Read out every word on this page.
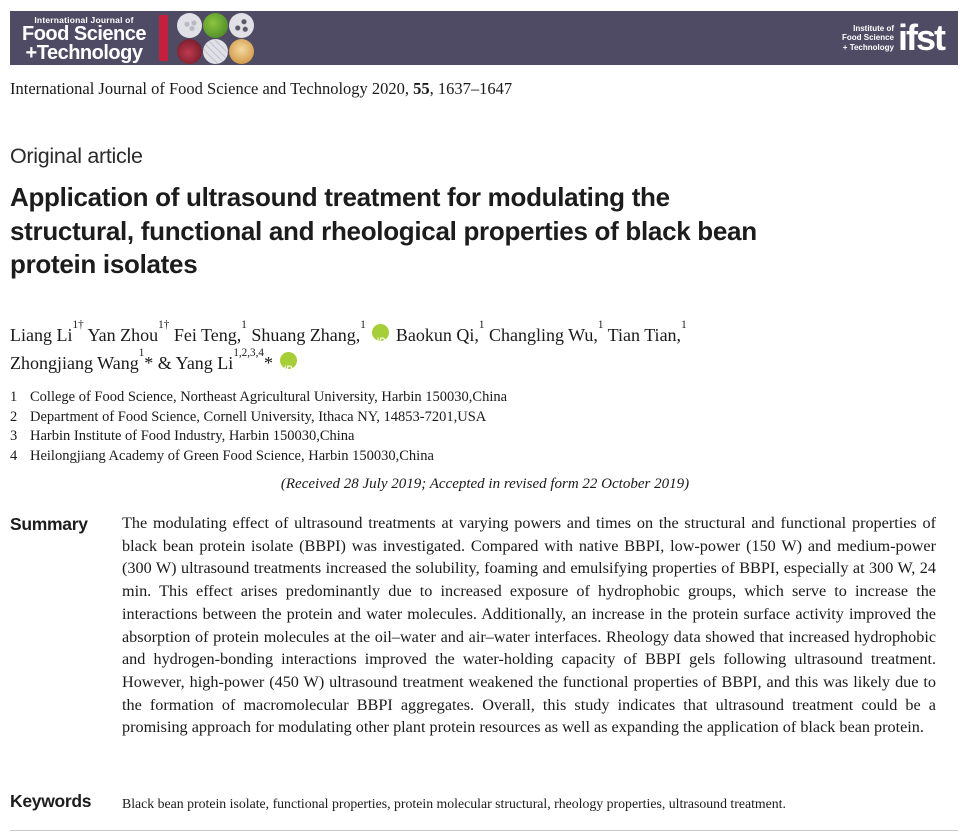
International Journal of
Food Science
+Technology
Institute of
Food Science
+ Technology ifst
International Journal of Food Science and Technology 2020, 55, 1637–1647
Original article
Application of ultrasound treatment for modulating the
structural, functional and rheological properties of black bean
protein isolates
Liang $Li^{1\dagger}$ Yan Zhou$^{1\dagger}$ Fei Teng,$^1$ Shuang Zhang,$^1$ iD Baokun Qi,$^1$ Changling Wu,$^1$ Tian Tian,$^1$
Zhongjiang Wang$^1$* & Yang Li$^{1,2,3,4}$* iD
1 College of Food Science, Northeast Agricultural University, Harbin 150030,China
2 Department of Food Science, Cornell University, Ithaca NY, 14853-7201,USA
3 Harbin Institute of Food Industry, Harbin 150030,China
4 Heilongjiang Academy of Green Food Science, Harbin 150030,China
(Received 28 July 2019; Accepted in revised form 22 October 2019)
Summary The modulating effect of ultrasound treatments at varying powers and times on the structural and functional properties of black bean protein isolate (BBPI) was investigated. Compared with native BBPI, low-power (150 W) and medium-power (300 W) ultrasound treatments increased the solubility, foaming and emulsifying properties of BBPI, especially at 300 W, 24 min. This effect arises predominantly due to increased exposure of hydrophobic groups, which serve to increase the interactions between the protein and water molecules. Additionally, an increase in the protein surface activity improved the absorption of protein molecules at the oil–water and air–water interfaces. Rheology data showed that increased hydrophobic and hydrogen-bonding interactions improved the water-holding capacity of BBPI gels following ultrasound treatment. However, high-power (450 W) ultrasound treatment weakened the functional properties of BBPI, and this was likely due to the formation of macromolecular BBPI aggregates. Overall, this study indicates that ultrasound treatment could be a promising approach for modulating other plant protein resources as well as expanding the application of black bean protein.
Keywords Black bean protein isolate, functional properties, protein molecular structural, rheology properties, ultrasound treatment.
